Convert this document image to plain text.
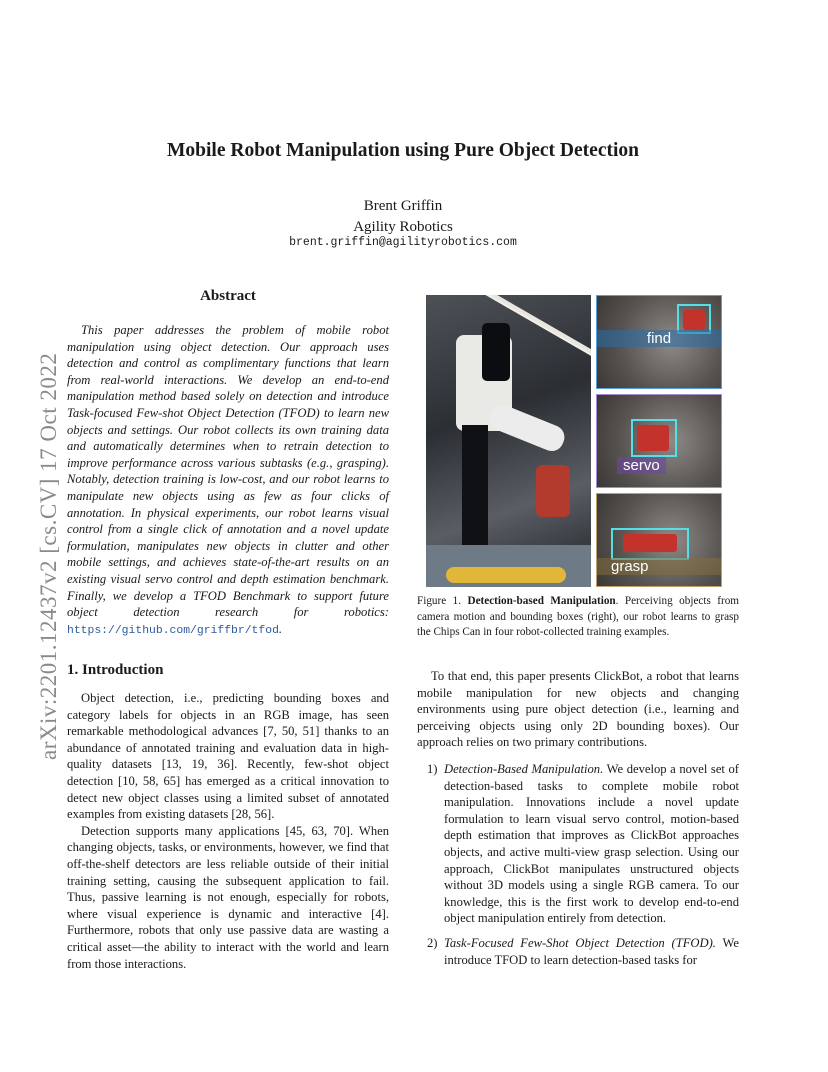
arXiv:2201.12437v2 [cs.CV] 17 Oct 2022
Mobile Robot Manipulation using Pure Object Detection
Brent Griffin
Agility Robotics
brent.griffin@agilityrobotics.com
Abstract
This paper addresses the problem of mobile robot manipulation using object detection. Our approach uses detection and control as complimentary functions that learn from real-world interactions. We develop an end-to-end manipulation method based solely on detection and introduce Task-focused Few-shot Object Detection (TFOD) to learn new objects and settings. Our robot collects its own training data and automatically determines when to retrain detection to improve performance across various subtasks (e.g., grasping). Notably, detection training is low-cost, and our robot learns to manipulate new objects using as few as four clicks of annotation. In physical experiments, our robot learns visual control from a single click of annotation and a novel update formulation, manipulates new objects in clutter and other mobile settings, and achieves state-of-the-art results on an existing visual servo control and depth estimation benchmark. Finally, we develop a TFOD Benchmark to support future object detection research for robotics: https://github.com/griffbr/tfod.
find
servo
grasp
Figure 1. Detection-based Manipulation. Perceiving objects from camera motion and bounding boxes (right), our robot learns to grasp the Chips Can in four robot-collected training examples.
1. Introduction

Object detection, i.e., predicting bounding boxes and category labels for objects in an RGB image, has seen remarkable methodological advances [7, 50, 51] thanks to an abundance of annotated training and evaluation data in high-quality datasets [13, 19, 36]. Recently, few-shot object detection [10, 58, 65] has emerged as a critical innovation to detect new object classes using a limited subset of annotated examples from existing datasets [28, 56].

Detection supports many applications [45, 63, 70]. When changing objects, tasks, or environments, however, we find that off-the-shelf detectors are less reliable outside of their initial training setting, causing the subsequent application to fail. Thus, passive learning is not enough, especially for robots, where visual experience is dynamic and interactive [4]. Furthermore, robots that only use passive data are wasting a critical asset—the ability to interact with the world and learn from those interactions.

To that end, this paper presents ClickBot, a robot that learns mobile manipulation for new objects and changing environments using pure object detection (i.e., learning and perceiving objects using only 2D bounding boxes). Our approach relies on two primary contributions.

1) Detection-Based Manipulation. We develop a novel set of detection-based tasks to complete mobile robot manipulation. Innovations include a novel update formulation to learn visual servo control, motion-based depth estimation that improves as ClickBot approaches objects, and active multi-view grasp selection. Using our approach, ClickBot manipulates unstructured objects without 3D models using a single RGB camera. To our knowledge, this is the first work to develop end-to-end object manipulation entirely from detection.
2) Task-Focused Few-Shot Object Detection (TFOD). We introduce TFOD to learn detection-based tasks for
